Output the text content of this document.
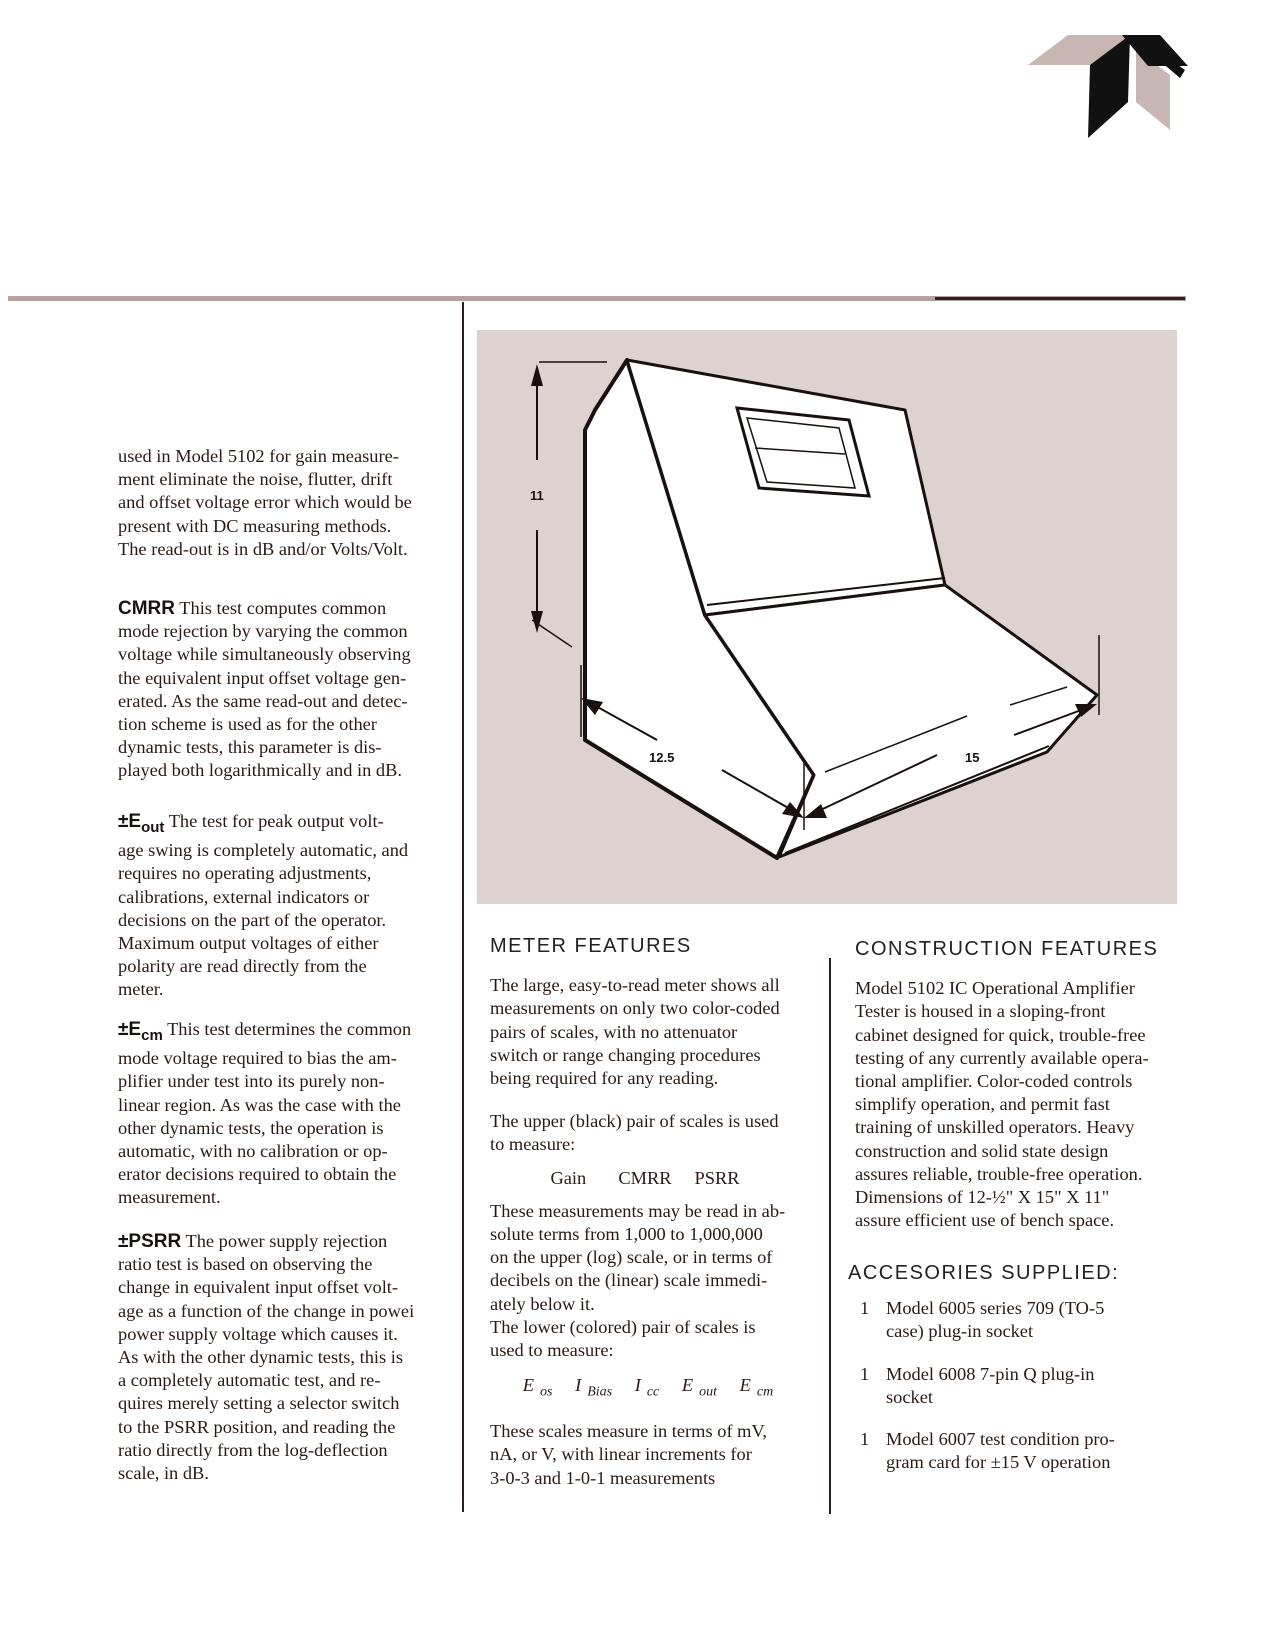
used in Model 5102 for gain measure-

ment eliminate the noise, flutter, drift

and offset voltage error which would be

present with DC measuring methods.

The read-out is in dB and/or Volts/Volt.

CMRR This test computes common

mode rejection by varying the common

voltage while simultaneously observing

the equivalent input offset voltage gen-

erated. As the same read-out and detec-

tion scheme is used as for the other

dynamic tests, this parameter is dis-

played both logarithmically and in dB.

$\pm E_{out}$ The test for peak output volt-

age swing is completely automatic, and

requires no operating adjustments,

calibrations, external indicators or

decisions on the part of the operator.

Maximum output voltages of either

polarity are read directly from the

meter.

$\pm E_{cm}$ This test determines the common

mode voltage required to bias the am-

plifier under test into its purely non-

linear region. As was the case with the

other dynamic tests, the operation is

automatic, with no calibration or op-

erator decisions required to obtain the

measurement.

±PSRR The power supply rejection

ratio test is based on observing the

change in equivalent input offset volt-

age as a function of the change in powei

power supply voltage which causes it.

As with the other dynamic tests, this is

a completely automatic test, and re-

quires merely setting a selector switch

to the PSRR position, and reading the

ratio directly from the log-deflection

scale, in dB.

11
12.5	15
METER FEATURES

The large, easy-to-read meter shows all

measurements on only two color-coded

pairs of scales, with no attenuator

switch or range changing procedures

being required for any reading.

The upper (black) pair of scales is used

to measure:

Gain CMRR PSRR

These measurements may be read in ab-

solute terms from 1,000 to 1,000,000

on the upper (log) scale, or in terms of

decibels on the (linear) scale immedi-

ately below it.

The lower (colored) pair of scales is

used to measure:

E $_{os}$ I $_{Bias}$ I $_{cc}$ E $_{out}$ E $_{cm}$

These scales measure in terms of mV,

nA, or V, with linear increments for

3-0-3 and 1-0-1 measurements

CONSTRUCTION FEATURES

Model 5102 IC Operational Amplifier

Tester is housed in a sloping-front

cabinet designed for quick, trouble-free

testing of any currently available opera-

tional amplifier. Color-coded controls

simplify operation, and permit fast

training of unskilled operators. Heavy

construction and solid state design

assures reliable, trouble-free operation.

Dimensions of 12-½" X 15" X 11"

assure efficient use of bench space.

ACCESORIES SUPPLIED:
1 Model 6005 series 709 (TO-5

case) plug-in socket

1 Model 6008 7-pin Q plug-in

socket

1 Model 6007 test condition pro-

gram card for ±15 V operation
